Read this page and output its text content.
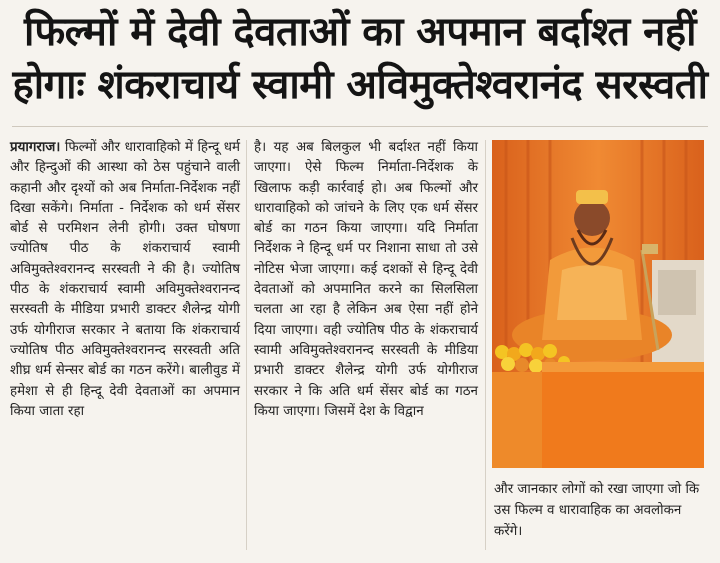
फिल्मों में देवी देवताओं का अपमान बर्दाश्त नहीं
होगाः शंकराचार्य स्वामी अविमुक्तेश्वरानंद सरस्वती
प्रयागराज। फिल्मों और धारावाहिको में हिन्दू धर्म और हिन्दुओं की आस्था को ठेस पहुंचाने वाली कहानी और दृश्यों को अब निर्माता-निर्देशक नहीं दिखा सकेंगे। निर्माता - निर्देशक को धर्म सेंसर बोर्ड से परमिशन लेनी होगी। उक्त घोषणा ज्योतिष पीठ के शंकराचार्य स्वामी अविमुक्तेश्वरानन्द सरस्वती ने की है। ज्योतिष पीठ के शंकराचार्य स्वामी अविमुक्तेश्वरानन्द सरस्वती के मीडिया प्रभारी डाक्टर शैलेन्द्र योगी उर्फ योगीराज सरकार ने बताया कि शंकराचार्य ज्योतिष पीठ अविमुक्तेश्वरानन्द सरस्वती अति शीघ्र धर्म सेन्सर बोर्ड का गठन करेंगे। बालीवुड में हमेशा से ही हिन्दू देवी देवताओं का अपमान किया जाता रहा
है। यह अब बिलकुल भी बर्दाश्त नहीं किया जाएगा। ऐसे फिल्म निर्माता-निर्देशक के खिलाफ कड़ी कार्रवाई हो। अब फिल्मों और धारावाहिको को जांचने के लिए एक धर्म सेंसर बोर्ड का गठन किया जाएगा। यदि निर्माता निर्देशक ने हिन्दू धर्म पर निशाना साधा तो उसे नोटिस भेजा जाएगा। कई दशकों से हिन्दू देवी देवताओं को अपमानित करने का सिलसिला चलता आ रहा है लेकिन अब ऐसा नहीं होने दिया जाएगा। वही ज्योतिष पीठ के शंकराचार्य स्वामी अविमुक्तेश्वरानन्द सरस्वती के मीडिया प्रभारी डाक्टर शैलेन्द्र योगी उर्फ योगीराज सरकार ने कि अति धर्म सेंसर बोर्ड का गठन किया जाएगा। जिसमें देश के विद्वान
और जानकार लोगों को रखा जाएगा जो कि उस फिल्म व धारावाहिक का अवलोकन करेंगे।
